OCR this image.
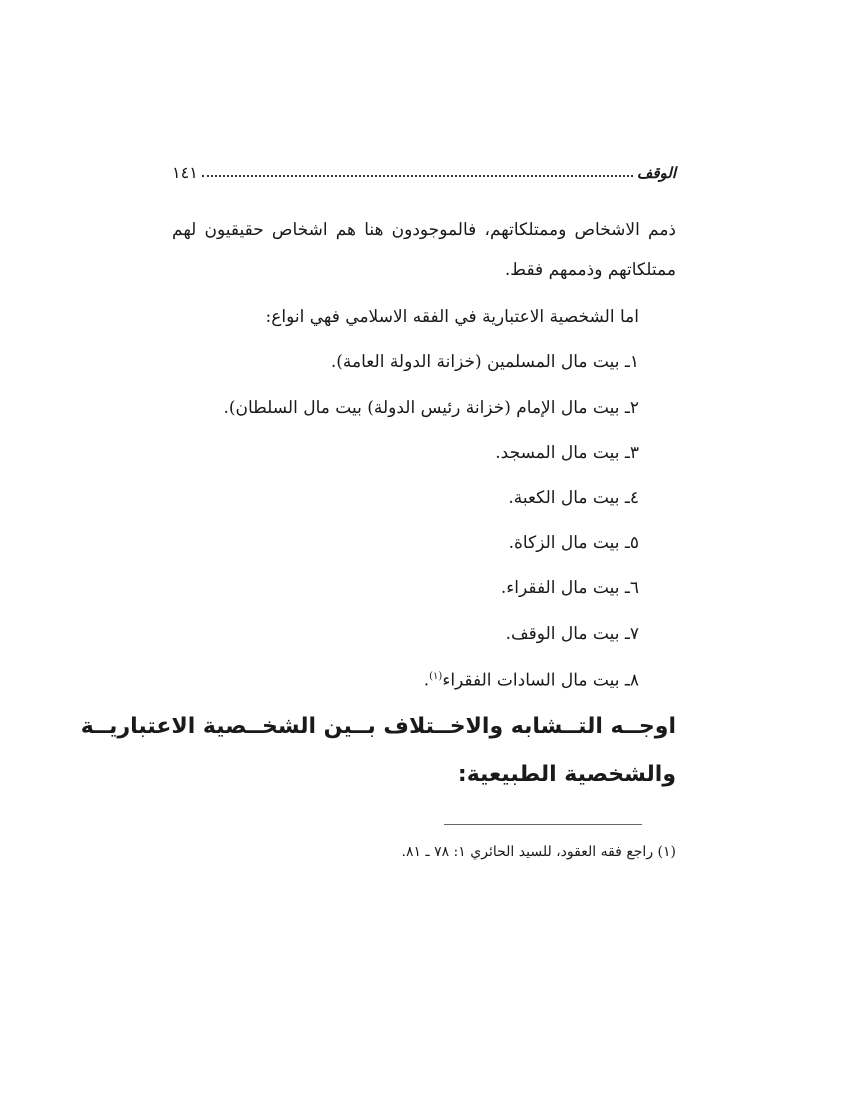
الوقف
١٤١
ذمم الاشخاص وممتلكاتهم، فالموجودون هنا هم اشخاص حقيقيون لهم
ممتلكاتهم وذممهم فقط.
اما الشخصية الاعتبارية في الفقه الاسلامي فهي انواع:
١ـ بيت مال المسلمين (خزانة الدولة العامة).
٢ـ بيت مال الإمام (خزانة رئيس الدولة) بيت مال السلطان).
٣ـ بيت مال المسجد.
٤ـ بيت مال الكعبة.
٥ـ بيت مال الزكاة.
٦ـ بيت مال الفقراء.
٧ـ بيت مال الوقف.
٨ـ بيت مال السادات الفقراء$^{(١)}$.
اوجــه التــشابه والاخــتلاف بــين الشخــصية الاعتباريــة
والشخصية الطبيعية:
(١) راجع فقه العقود، للسيد الحائري ١: ٧٨ ـ ٨١.
